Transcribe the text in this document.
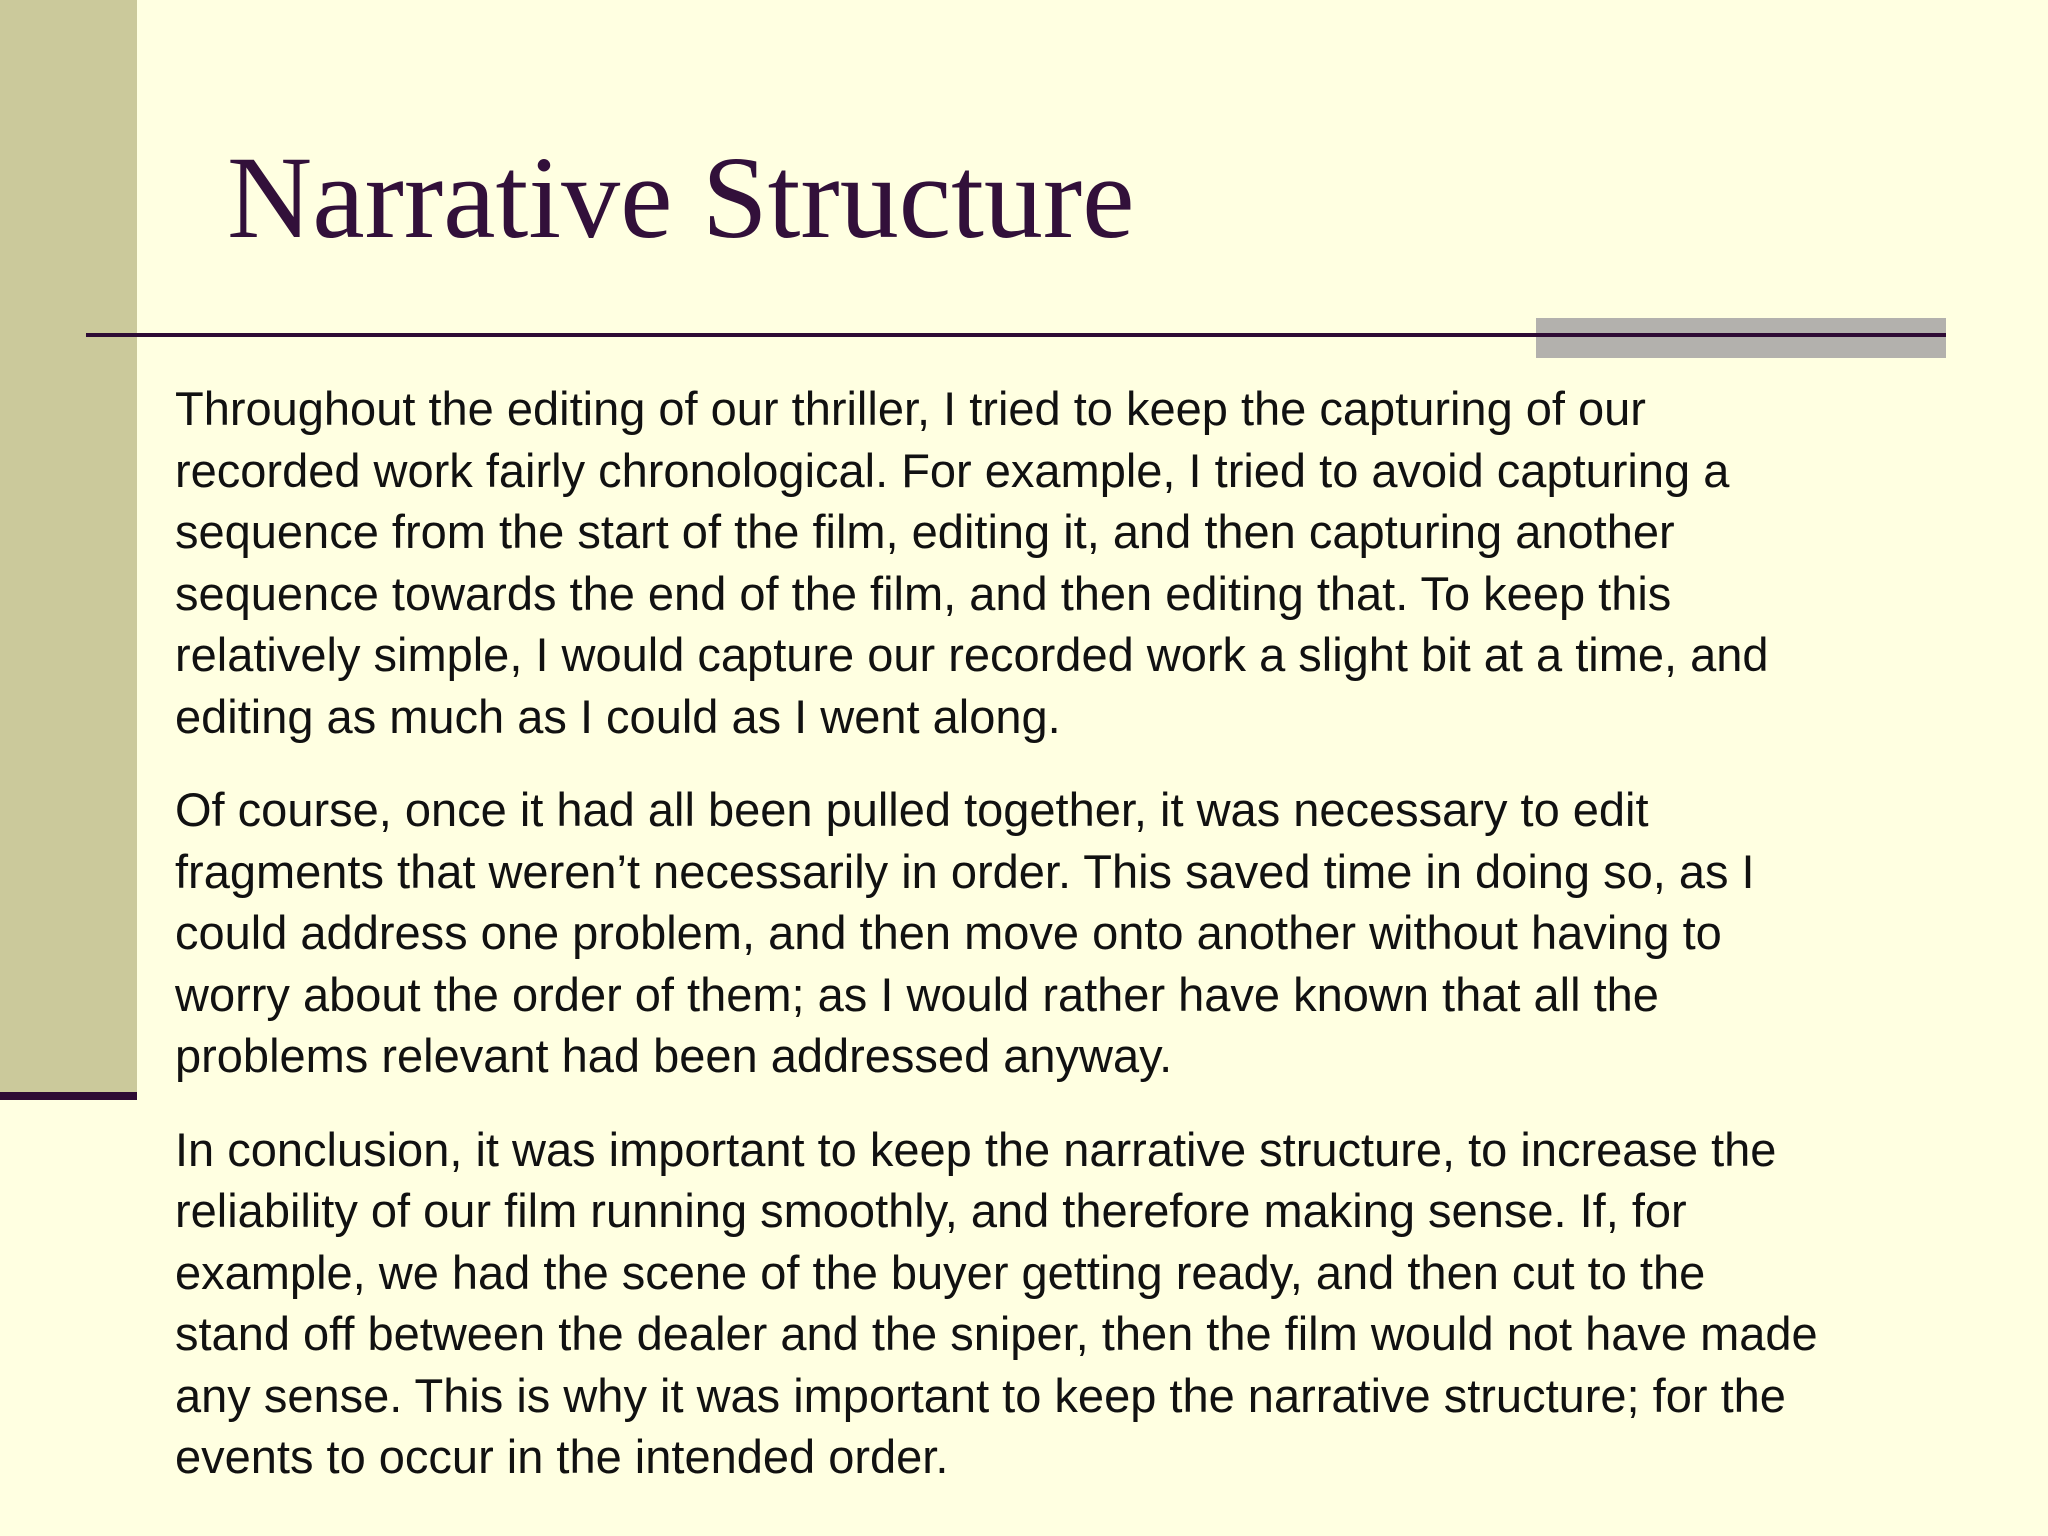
Narrative Structure

Throughout the editing of our thriller, I tried to keep the capturing of our
recorded work fairly chronological. For example, I tried to avoid capturing a
sequence from the start of the film, editing it, and then capturing another
sequence towards the end of the film, and then editing that. To keep this
relatively simple, I would capture our recorded work a slight bit at a time, and
editing as much as I could as I went along.

Of course, once it had all been pulled together, it was necessary to edit
fragments that weren’t necessarily in order. This saved time in doing so, as I
could address one problem, and then move onto another without having to
worry about the order of them; as I would rather have known that all the
problems relevant had been addressed anyway.

In conclusion, it was important to keep the narrative structure, to increase the
reliability of our film running smoothly, and therefore making sense. If, for
example, we had the scene of the buyer getting ready, and then cut to the
stand off between the dealer and the sniper, then the film would not have made
any sense. This is why it was important to keep the narrative structure; for the
events to occur in the intended order.
